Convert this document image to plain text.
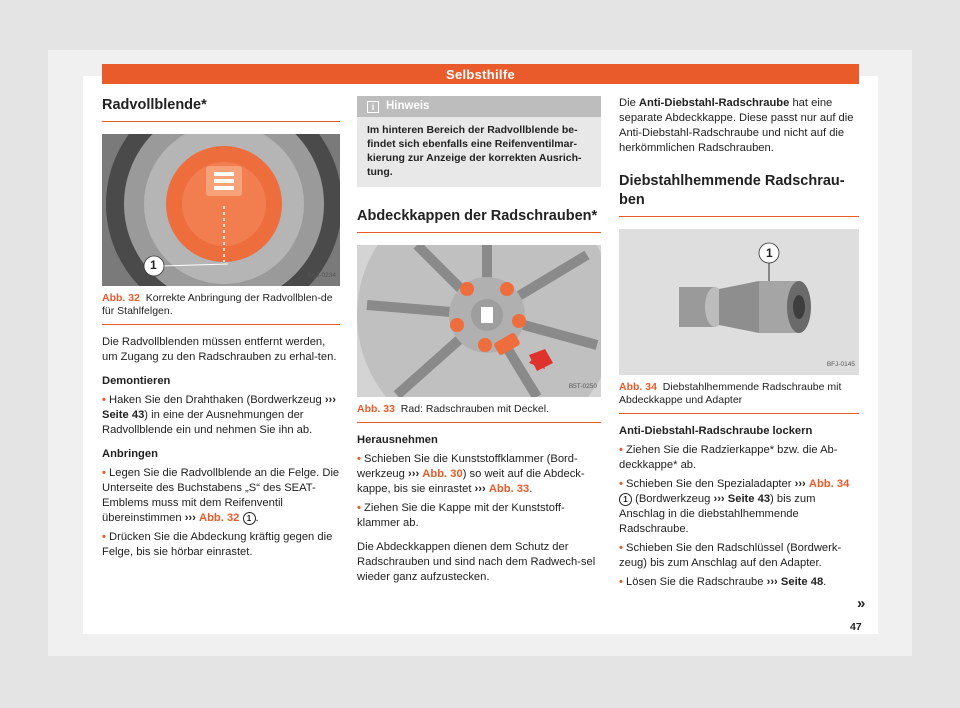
Selbsthilfe
Radvollblende*
1
BKJ-0234
Abb. 32 Korrekte Anbringung der Radvollblen-de für Stahlfelgen.

Die Radvollblenden müssen entfernt werden, um Zugang zu den Radschrauben zu erhal-ten.

Demontieren

• Haken Sie den Drahthaken (Bordwerkzeug ››› Seite 43) in eine der Ausnehmungen der Radvollblende ein und nehmen Sie ihn ab.

Anbringen

• Legen Sie die Radvollblende an die Felge. Die Unterseite des Buchstabens „S“ des SEAT-Emblems muss mit dem Reifenventil übereinstimmen ››› Abb. 32 1 .

• Drücken Sie die Abdeckung kräftig gegen die Felge, bis sie hörbar einrastet.

i	Hinweis
Im hinteren Bereich der Radvollblende be-findet sich ebenfalls eine Reifenventilmar-kierung zur Anzeige der korrekten Ausrich-tung.
Abdeckkappen der Radschrauben*
B5T-0250
Abb. 33 Rad: Radschrauben mit Deckel.

Herausnehmen

• Schieben Sie die Kunststoffklammer (Bord-werkzeug ››› Abb. 30) so weit auf die Abdeck-kappe, bis sie einrastet ››› Abb. 33.

• Ziehen Sie die Kappe mit der Kunststoff-klammer ab.

Die Abdeckkappen dienen dem Schutz der Radschrauben und sind nach dem Radwech-sel wieder ganz aufzustecken.

Die Anti-Diebstahl-Radschraube hat eine separate Abdeckkappe. Diese passt nur auf die Anti-Diebstahl-Radschraube und nicht auf die herkömmlichen Radschrauben.

Diebstahlhemmende Radschrau-ben
1
BFJ-0145
Abb. 34 Diebstahlhemmende Radschraube mit Abdeckkappe und Adapter

Anti-Diebstahl-Radschraube lockern

• Ziehen Sie die Radzierkappe* bzw. die Ab-deckkappe* ab.

• Schieben Sie den Spezialadapter ››› Abb. 34 1 (Bordwerkzeug ››› Seite 43) bis zum Anschlag in die diebstahlhemmende Radschraube.

• Schieben Sie den Radschlüssel (Bordwerk-zeug) bis zum Anschlag auf den Adapter.

• Lösen Sie die Radschraube ››› Seite 48.

»
47
